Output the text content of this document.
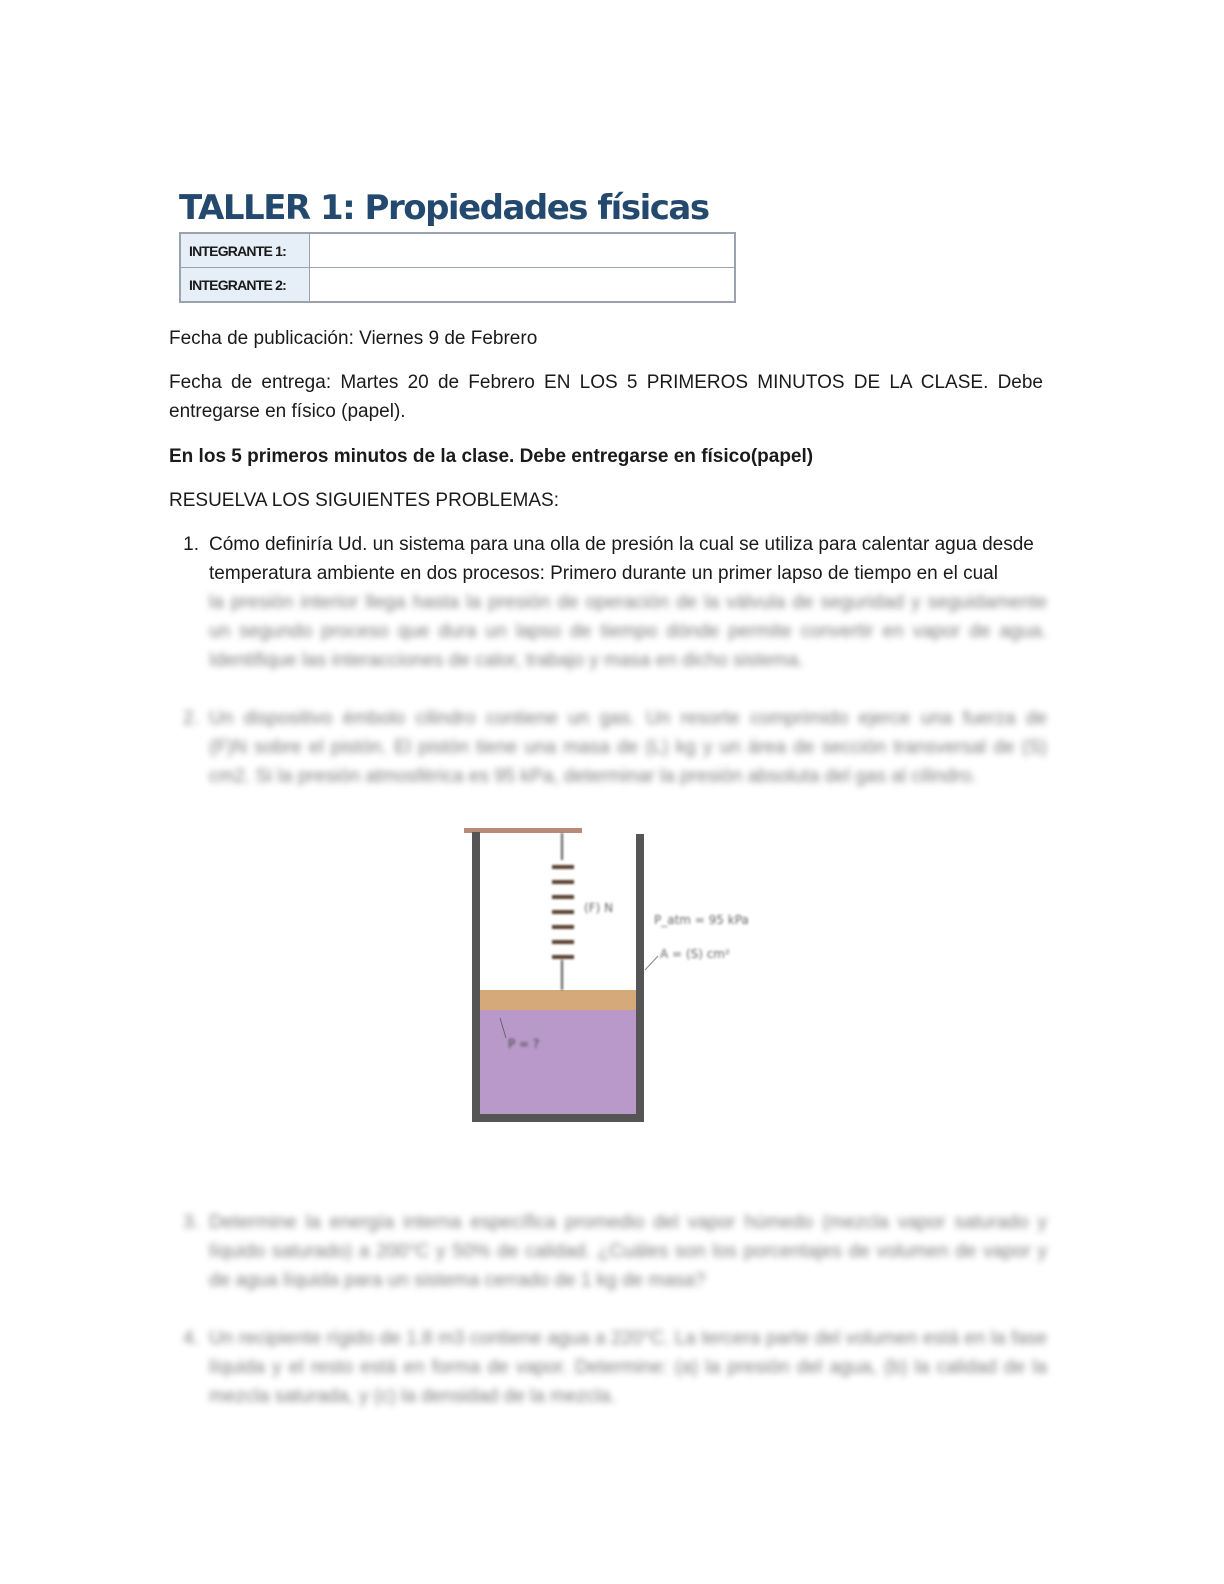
TALLER 1: Propiedades físicas
INTEGRANTE 1:	
INTEGRANTE 2:	

Fecha de publicación: Viernes 9 de Febrero

Fecha de entrega: Martes 20 de Febrero EN LOS 5 PRIMEROS MINUTOS DE LA CLASE. Debe entregarse en físico (papel).

En los 5 primeros minutos de la clase. Debe entregarse en físico(papel)

RESUELVA LOS SIGUIENTES PROBLEMAS:

1. Cómo definiría Ud. un sistema para una olla de presión la cual se utiliza para calentar agua desde
temperatura ambiente en dos procesos: Primero durante un primer lapso de tiempo en el cual
la presión interior llega hasta la presión de operación de la válvula de seguridad y seguidamente
un segundo proceso que dura un lapso de tiempo dónde permite convertir en vapor de agua.
Identifique las interacciones de calor, trabajo y masa en dicho sistema.
2. Un dispositivo émbolo cilindro contiene un gas. Un resorte comprimido ejerce una fuerza de
(F)N sobre el pistón. El pistón tiene una masa de (L) kg y un área de sección transversal de (S)
cm2. Si la presión atmosférica es 95 kPa, determinar la presión absoluta del gas al cilindro.
(F) N
P_atm = 95 kPa
A = (S) cm²
P = ?
3. Determine la energía interna específica promedio del vapor húmedo (mezcla vapor saturado y
líquido saturado) a 200°C y 50% de calidad. ¿Cuáles son los porcentajes de volumen de vapor y
de agua líquida para un sistema cerrado de 1 kg de masa?
4. Un recipiente rígido de 1.8 m3 contiene agua a 220°C. La tercera parte del volumen está en la fase
líquida y el resto está en forma de vapor. Determine: (a) la presión del agua, (b) la calidad de la
mezcla saturada, y (c) la densidad de la mezcla.
